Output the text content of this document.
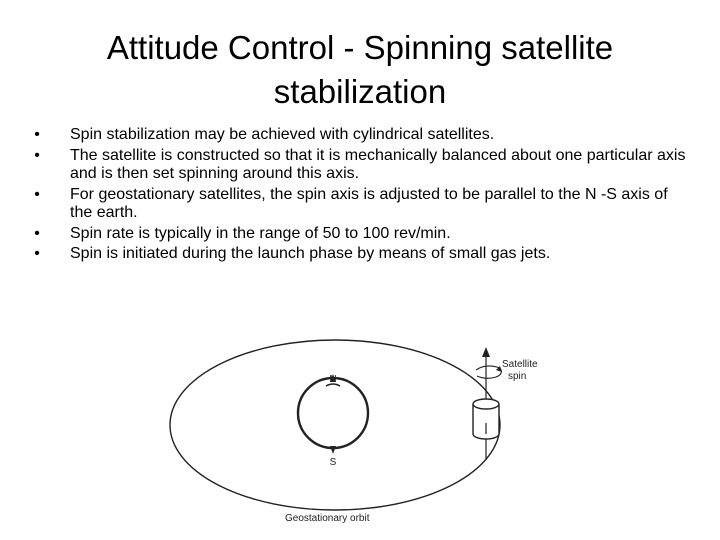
Attitude Control - Spinning satellite stabilization
• Spin stabilization may be achieved with cylindrical satellites.
• The satellite is constructed so that it is mechanically balanced about one particular axis and is then set spinning around this axis.
• For geostationary satellites, the spin axis is adjusted to be parallel to the N -S axis of the earth.
• Spin rate is typically in the range of 50 to 100 rev/min.
• Spin is initiated during the launch phase by means of small gas jets.
N
S
Satellite
spin
Geostationary orbit
